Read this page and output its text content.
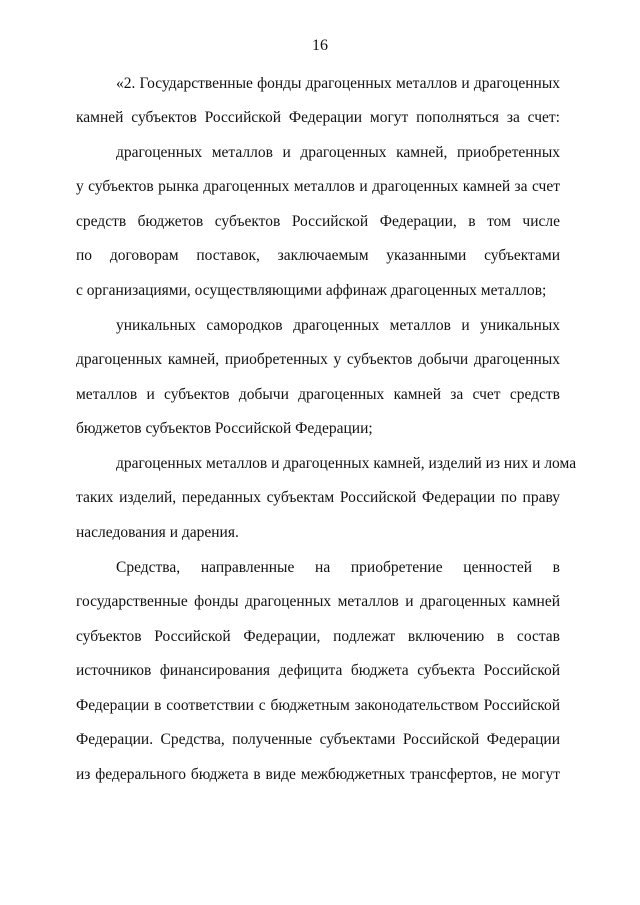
16
«2. Государственные фонды драгоценных металлов и драгоценных
камней субъектов Российской Федерации могут пополняться за счет:
драгоценных металлов и драгоценных камней, приобретенных
у субъектов рынка драгоценных металлов и драгоценных камней за счет
средств бюджетов субъектов Российской Федерации, в том числе
по договорам поставок, заключаемым указанными субъектами
с организациями, осуществляющими аффинаж драгоценных металлов;
уникальных самородков драгоценных металлов и уникальных
драгоценных камней, приобретенных у субъектов добычи драгоценных
металлов и субъектов добычи драгоценных камней за счет средств
бюджетов субъектов Российской Федерации;
драгоценных металлов и драгоценных камней, изделий из них и лома
таких изделий, переданных субъектам Российской Федерации по праву
наследования и дарения.
Средства, направленные на приобретение ценностей в
государственные фонды драгоценных металлов и драгоценных камней
субъектов Российской Федерации, подлежат включению в состав
источников финансирования дефицита бюджета субъекта Российской
Федерации в соответствии с бюджетным законодательством Российской
Федерации. Средства, полученные субъектами Российской Федерации
из федерального бюджета в виде межбюджетных трансфертов, не могут
